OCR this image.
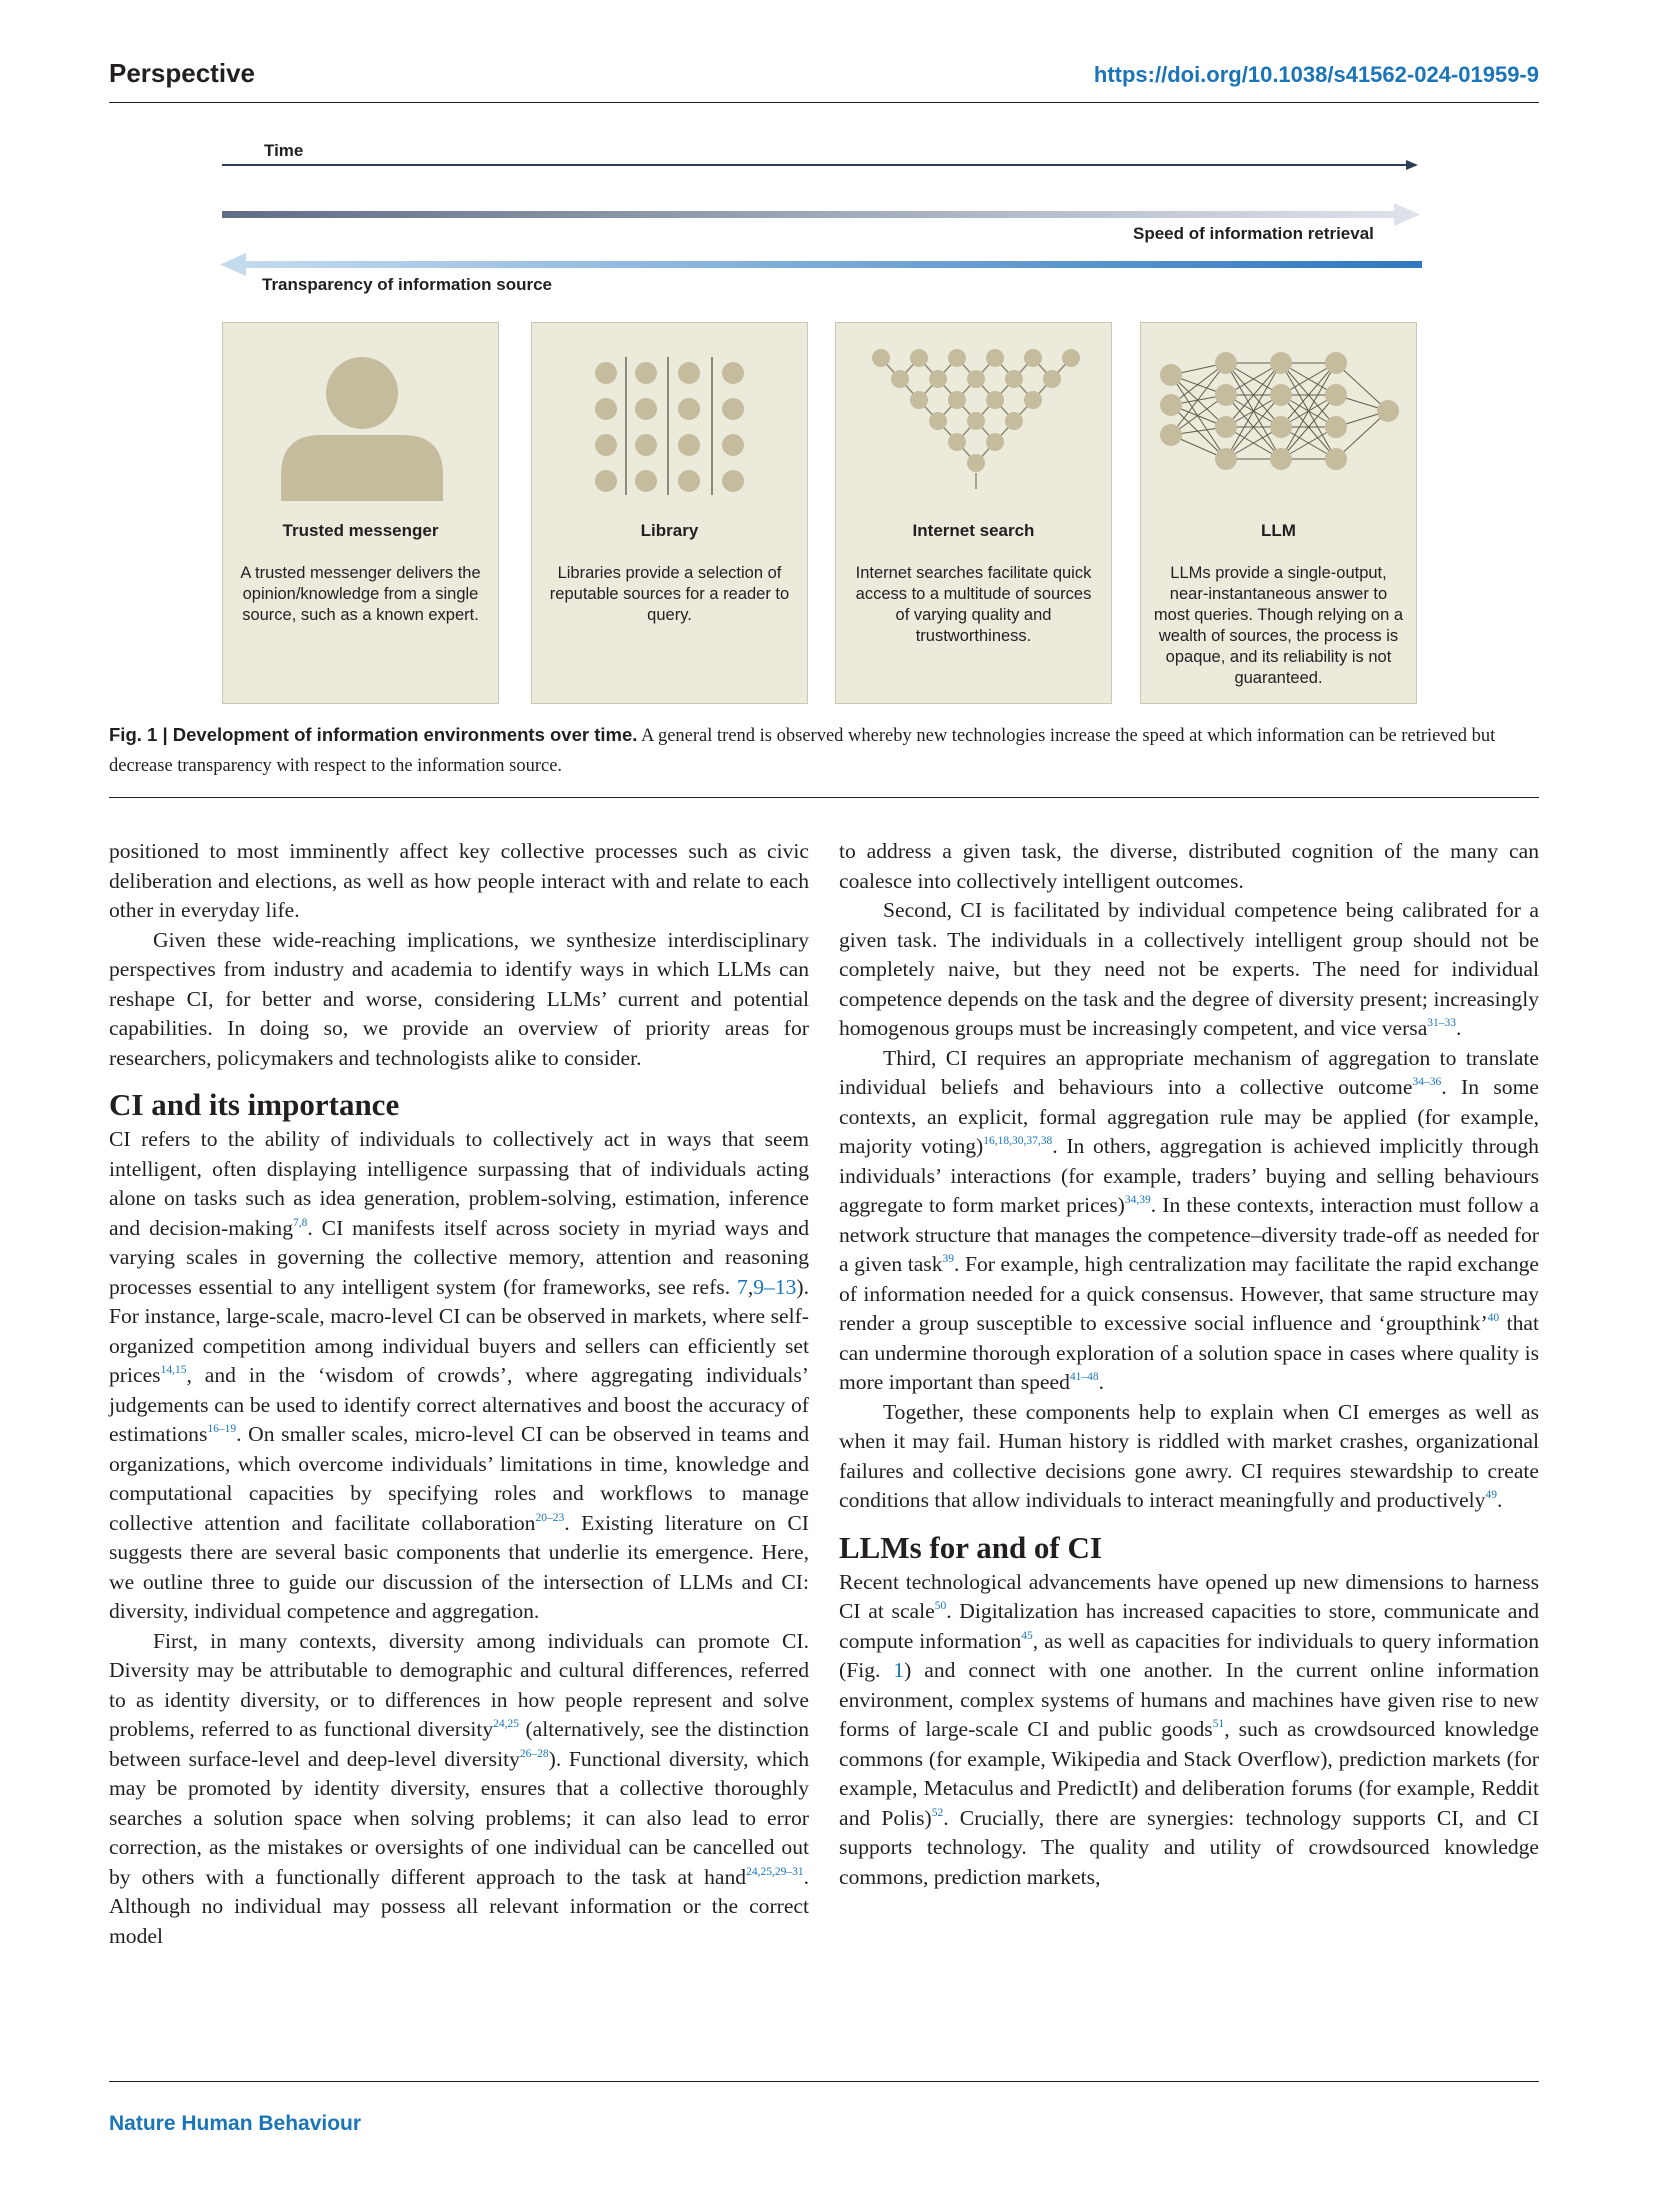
Perspective	https://doi.org/10.1038/s41562-024-01959-9
Time
Speed of information retrieval
Transparency of information source
Trusted messenger
A trusted messenger delivers the opinion/knowledge from a single source, such as a known expert.
Library
Libraries provide a selection of reputable sources for a reader to query.
Internet search
Internet searches facilitate quick access to a multitude of sources of varying quality and trustworthiness.
LLM
LLMs provide a single-output, near-instantaneous answer to most queries. Though relying on a wealth of sources, the process is opaque, and its reliability is not guaranteed.
Fig. 1 | Development of information environments over time. A general trend is observed whereby new technologies increase the speed at which information can be retrieved but decrease transparency with respect to the information source.

positioned to most imminently affect key collective processes such as civic deliberation and elections, as well as how people interact with and relate to each other in everyday life.

Given these wide-reaching implications, we synthesize interdisciplinary perspectives from industry and academia to identify ways in which LLMs can reshape CI, for better and worse, considering LLMs’ current and potential capabilities. In doing so, we provide an overview of priority areas for researchers, policymakers and technologists alike to consider.

CI and its importance

CI refers to the ability of individuals to collectively act in ways that seem intelligent, often displaying intelligence surpassing that of individuals acting alone on tasks such as idea generation, problem-solving, estimation, inference and decision-making$^{7,8}$. CI manifests itself across society in myriad ways and varying scales in governing the collective memory, attention and reasoning processes essential to any intelligent system (for frameworks, see refs. 7,9–13). For instance, large-scale, macro-level CI can be observed in markets, where self-organized competition among individual buyers and sellers can efficiently set prices$^{14,15}$, and in the ‘wisdom of crowds’, where aggregating individuals’ judgements can be used to identify correct alternatives and boost the accuracy of estimations$^{16-19}$. On smaller scales, micro-level CI can be observed in teams and organizations, which overcome individuals’ limitations in time, knowledge and computational capacities by specifying roles and workflows to manage collective attention and facilitate collaboration$^{20-23}$. Existing literature on CI suggests there are several basic components that underlie its emergence. Here, we outline three to guide our discussion of the intersection of LLMs and CI: diversity, individual competence and aggregation.

First, in many contexts, diversity among individuals can promote CI. Diversity may be attributable to demographic and cultural differences, referred to as identity diversity, or to differences in how people represent and solve problems, referred to as functional diversity$^{24,25}$ (alternatively, see the distinction between surface-level and deep-level diversity$^{26-28}$). Functional diversity, which may be promoted by identity diversity, ensures that a collective thoroughly searches a solution space when solving problems; it can also lead to error correction, as the mistakes or oversights of one individual can be cancelled out by others with a functionally different approach to the task at hand$^{24,25,29-31}$. Although no individual may possess all relevant information or the correct model

to address a given task, the diverse, distributed cognition of the many can coalesce into collectively intelligent outcomes.

Second, CI is facilitated by individual competence being calibrated for a given task. The individuals in a collectively intelligent group should not be completely naive, but they need not be experts. The need for individual competence depends on the task and the degree of diversity present; increasingly homogenous groups must be increasingly competent, and vice versa$^{31-33}$.

Third, CI requires an appropriate mechanism of aggregation to translate individual beliefs and behaviours into a collective outcome$^{34-36}$. In some contexts, an explicit, formal aggregation rule may be applied (for example, majority voting)$^{16,18,30,37,38}$. In others, aggregation is achieved implicitly through individuals’ interactions (for example, traders’ buying and selling behaviours aggregate to form market prices)$^{34,39}$. In these contexts, interaction must follow a network structure that manages the competence–diversity trade-off as needed for a given task$^{39}$. For example, high centralization may facilitate the rapid exchange of information needed for a quick consensus. However, that same structure may render a group susceptible to excessive social influence and ‘groupthink’$^{40}$ that can undermine thorough exploration of a solution space in cases where quality is more important than speed$^{41-48}$.

Together, these components help to explain when CI emerges as well as when it may fail. Human history is riddled with market crashes, organizational failures and collective decisions gone awry. CI requires stewardship to create conditions that allow individuals to interact meaningfully and productively$^{49}$.

LLMs for and of CI

Recent technological advancements have opened up new dimensions to harness CI at scale$^{50}$. Digitalization has increased capacities to store, communicate and compute information$^{45}$, as well as capacities for individuals to query information (Fig. 1) and connect with one another. In the current online information environment, complex systems of humans and machines have given rise to new forms of large-scale CI and public goods$^{51}$, such as crowdsourced knowledge commons (for example, Wikipedia and Stack Overflow), prediction markets (for example, Metaculus and PredictIt) and deliberation forums (for example, Reddit and Polis)$^{52}$. Crucially, there are synergies: technology supports CI, and CI supports technology. The quality and utility of crowdsourced knowledge commons, prediction markets,

Nature Human Behaviour
